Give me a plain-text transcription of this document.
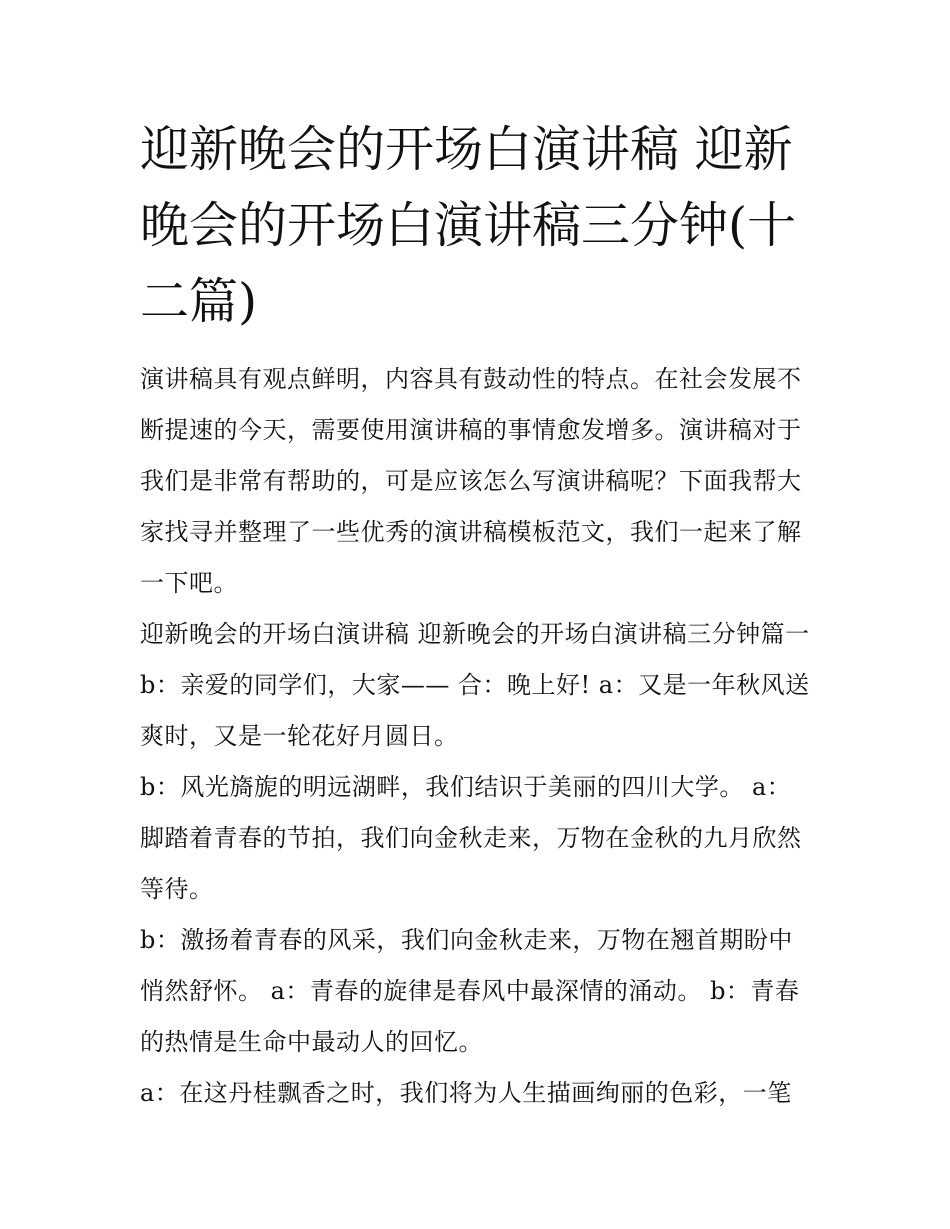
迎新晚会的开场白演讲稿 迎新晚会的开场白演讲稿三分钟(十二篇)

演讲稿具有观点鲜明，内容具有鼓动性的特点。在社会发展不断提速的今天，需要使用演讲稿的事情愈发增多。演讲稿对于我们是非常有帮助的，可是应该怎么写演讲稿呢？下面我帮大家找寻并整理了一些优秀的演讲稿模板范文，我们一起来了解一下吧。

迎新晚会的开场白演讲稿 迎新晚会的开场白演讲稿三分钟篇一 b：亲爱的同学们，大家—— 合：晚上好! a：又是一年秋风送爽时，又是一轮花好月圆日。

b：风光旖旎的明远湖畔，我们结识于美丽的四川大学。 a：脚踏着青春的节拍，我们向金秋走来，万物在金秋的九月欣然等待。

b：激扬着青春的风采，我们向金秋走来，万物在翘首期盼中悄然舒怀。 a：青春的旋律是春风中最深情的涌动。 b：青春的热情是生命中最动人的回忆。

a：在这丹桂飘香之时，我们将为人生描画绚丽的色彩，一笔
